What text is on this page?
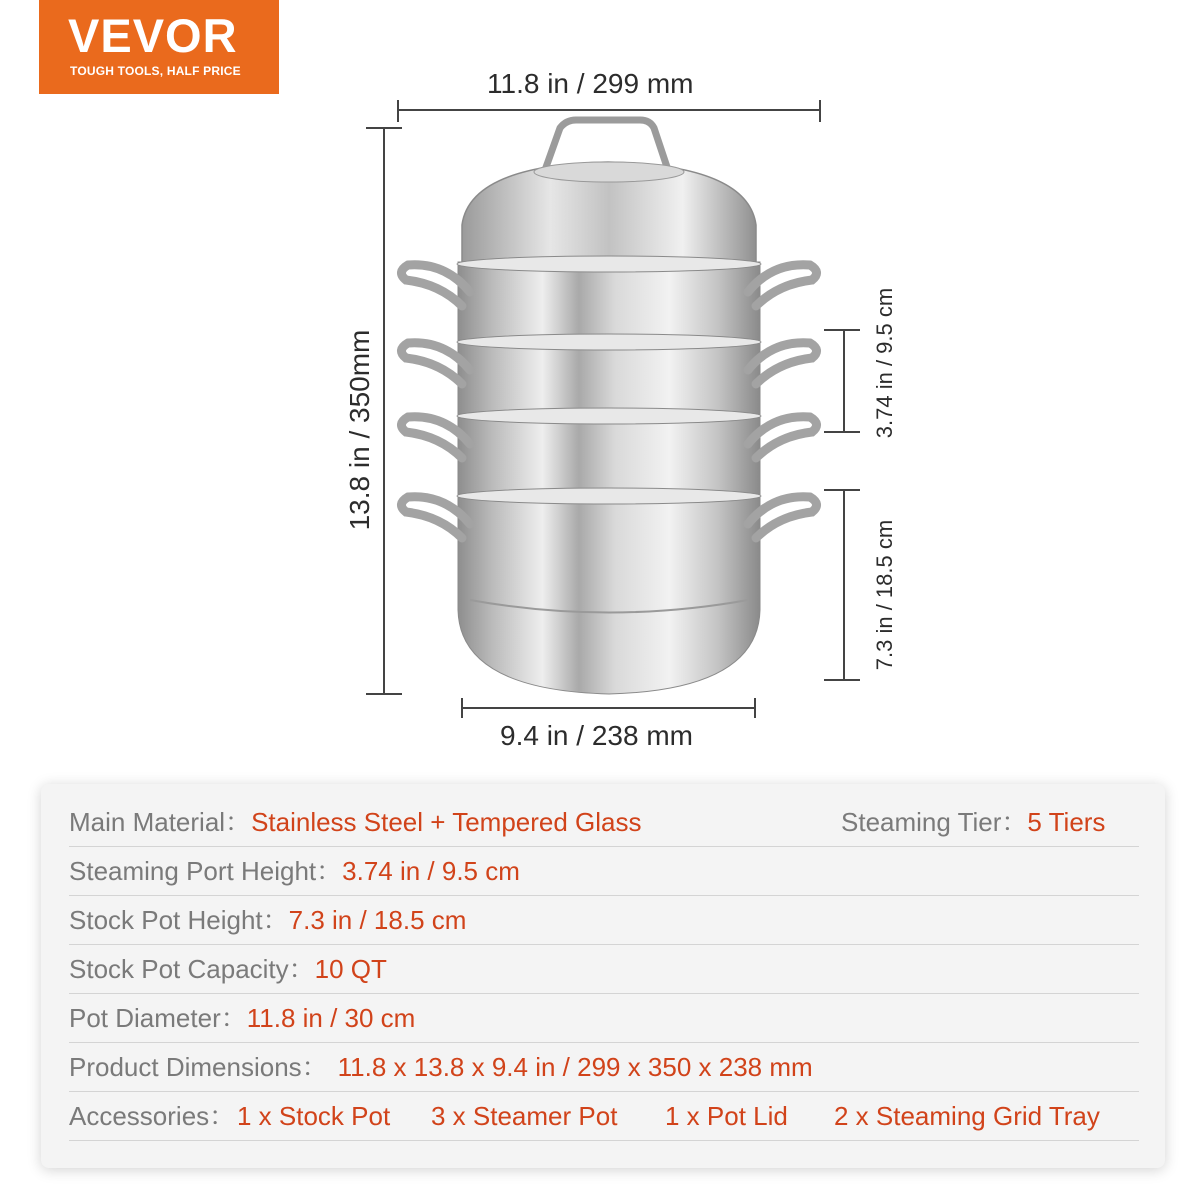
VEVOR	®
TOUGH TOOLS, HALF PRICE	11.8 in / 299 mm
13.8 in / 350mm	3.74 in / 9.5 cm
7.3 in / 18.5 cm
9.4 in / 238 mm
Main Material：Stainless Steel + Tempered Glass	Steaming Tier：5 Tiers
Steaming Port Height：3.74 in / 9.5 cm
Stock Pot Height：7.3 in / 18.5 cm
Stock Pot Capacity：10 QT
Pot Diameter：11.8 in / 30 cm
Product Dimensions： 11.8 x 13.8 x 9.4 in / 299 x 350 x 238 mm
Accessories： 1 x Stock Pot 3 x Steamer Pot 1 x Pot Lid 2 x Steaming Grid Tray
